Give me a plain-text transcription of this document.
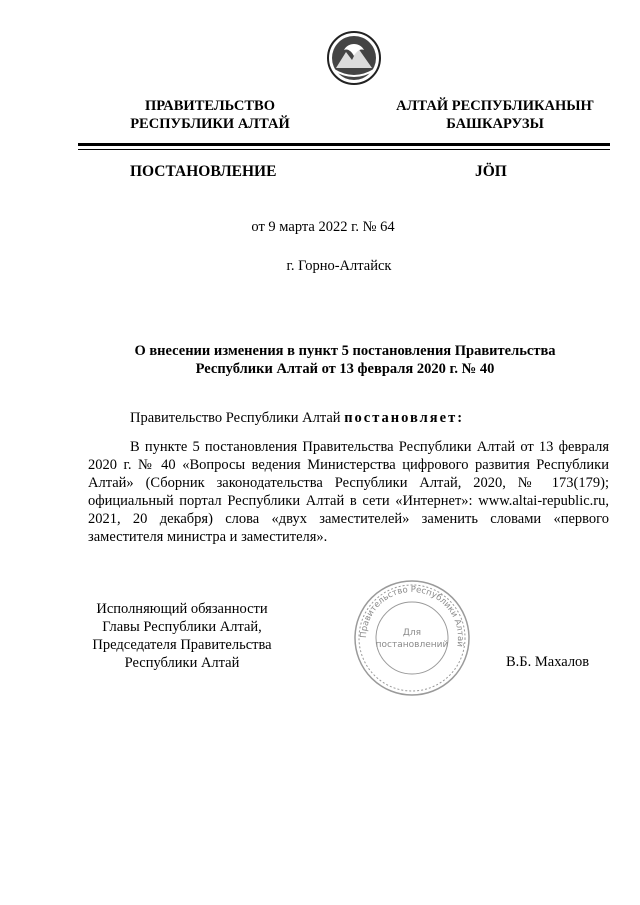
ПРАВИТЕЛЬСТВО
РЕСПУБЛИКИ АЛТАЙ
АЛТАЙ РЕСПУБЛИКАНЫҤ
БАШКАРУЗЫ
ПОСТАНОВЛЕНИЕ	JÖП
от 9 марта 2022 г. № 64
г. Горно-Алтайск
О внесении изменения в пункт 5 постановления Правительства
Республики Алтай от 13 февраля 2020 г. № 40
Правительство Республики Алтай постановляет:
В пункте 5 постановления Правительства Республики Алтай от 13 февраля 2020 г. № 40 «Вопросы ведения Министерства цифрового развития Республики Алтай» (Сборник законодательства Республики Алтай, 2020, № 173(179); официальный портал Республики Алтай в сети «Интернет»: www.altai-republic.ru, 2021, 20 декабря) слова «двух заместителей» заменить словами «первого заместителя министра и заместителя».
Исполняющий обязанности
Главы Республики Алтай,
Председателя Правительства
Республики Алтай	В.Б. Махалов
Правительство Республики Алтай
Для
постановлений
